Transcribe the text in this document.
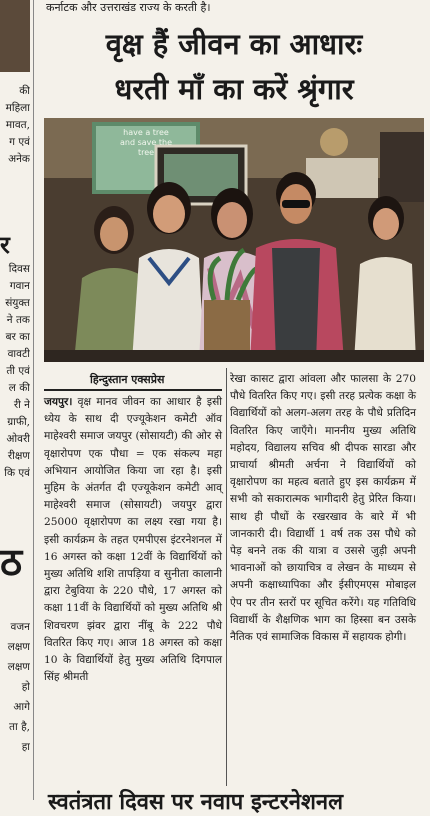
कर्नाटक और उत्तराखंड राज्य के करती है।
की
महिला
मावत,
ग एवं
अनेक
र
दिवस
गवान
संयुक्त
ने तक
बर का
वावटी
ती एवं
ल की
री ने
ग्राफी,
ओवरी
रीक्षण
कि एवं
ठ
वजन
लक्षण
लक्षण
हो
आगे
ता है,
हा
वृक्ष हैं जीवन का आधारः
धरती माँ का करें श्रृंगार
have a tree
and save the
tree
हिन्दुस्तान एक्सप्रेस
जयपुर। वृक्ष मानव जीवन का आधार है इसी ध्येय के साथ दी एज्यूकेशन कमेटी ऑव माहेश्वरी समाज जयपुर (सोसायटी) की ओर से वृक्षारोपण एक पौधा = एक संकल्प महा अभियान आयोजित किया जा रहा है। इसी मुहिम के अंतर्गत दी एज्यूकेशन कमेटी आव् माहेश्वरी समाज (सोसायटी) जयपुर द्वारा 25000 वृक्षारोपण का लक्ष्य रखा गया है। इसी कार्यक्रम के तहत एमपीएस इंटरनेशनल में 16 अगस्त को कक्षा 12वीं के विद्यार्थियों को मुख्य अतिथि शशि तापड़िया व सुनीता कालानी द्वारा टेबुविया के 220 पौधे, 17 अगस्त को कक्षा 11वीं के विद्यार्थियों को मुख्य अतिथि श्री शिवचरण झंवर द्वारा नींबू के 222 पौधे वितरित किए गए। आज 18 अगस्त को कक्षा 10 के विद्यार्थियों हेतु मुख्य अतिथि दिगपाल सिंह श्रीमती
रेखा कासट द्वारा आंवला और फालसा के 270 पौधे वितरित किए गए। इसी तरह प्रत्येक कक्षा के विद्यार्थियों को अलग-अलग तरह के पौधे प्रतिदिन वितरित किए जाएँगे। माननीय मुख्य अतिथि महोदय, विद्यालय सचिव श्री दीपक सारडा और प्राचार्या श्रीमती अर्चना ने विद्यार्थियों को वृक्षारोपण का महत्व बताते हुए इस कार्यक्रम में सभी को सकारात्मक भागीदारी हेतु प्रेरित किया। साथ ही पौधों के रखरखाव के बारे में भी जानकारी दी। विद्यार्थी 1 वर्ष तक उस पौधे को पेड़ बनने तक की यात्रा व उससे जुड़ी अपनी भावनाओं को छायाचित्र व लेखन के माध्यम से अपनी कक्षाध्यापिका और ईसीएमएस मोबाइल ऐप पर तीन स्तरों पर सूचित करेंगे। यह गतिविधि विद्यार्थी के शैक्षणिक भाग का हिस्सा बन उसके नैतिक एवं सामाजिक विकास में सहायक होगी।
स्वतंत्रता दिवस पर नवाप इन्टरनेशनल
